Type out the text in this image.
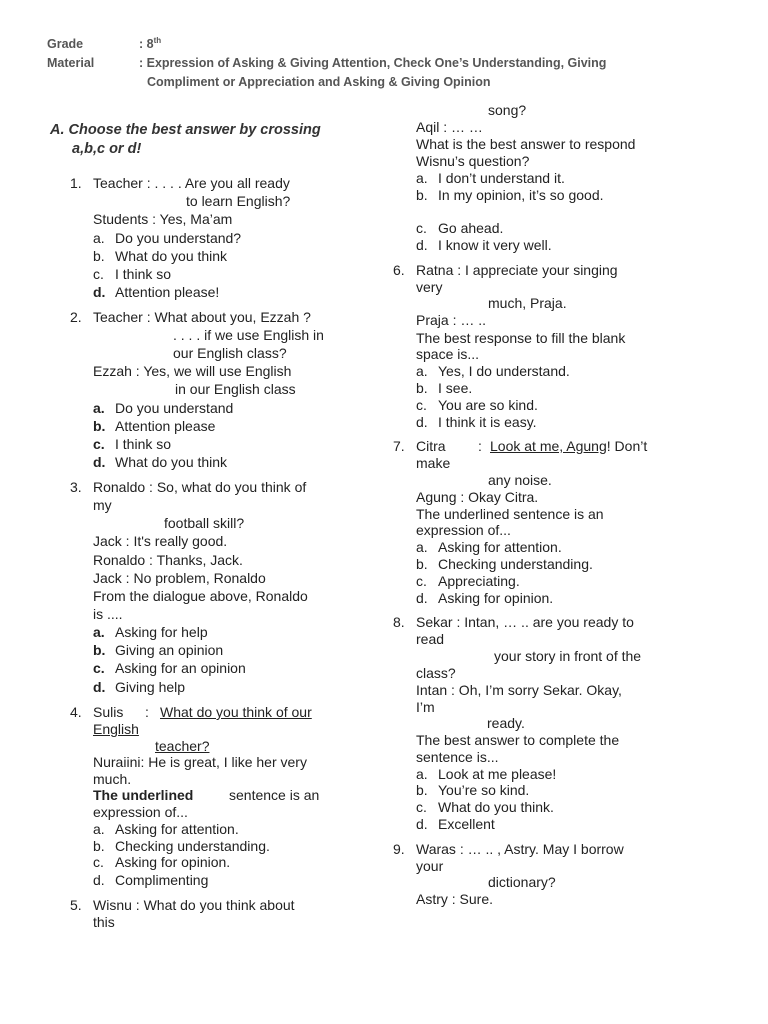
Grade	: 8th
Material	: Expression of Asking & Giving Attention, Check One’s Understanding, Giving
Compliment or Appreciation and Asking & Giving Opinion
A. Choose the best answer by crossing
a,b,c or d!
1. Teacher : . . . . Are you all ready
to learn English?
Students : Yes, Ma’am
a. Do you understand?
b. What do you think
c. I think so
d. Attention please!
2. Teacher : What about you, Ezzah ?
. . . . if we use English in
our English class?
Ezzah : Yes, we will use English
in our English class
a. Do you understand
b. Attention please
c. I think so
d. What do you think
3. Ronaldo : So, what do you think of
my
football skill?
Jack : It's really good.
Ronaldo : Thanks, Jack.
Jack : No problem, Ronaldo
From the dialogue above, Ronaldo
is ....
a. Asking for help
b. Giving an opinion
c. Asking for an opinion
d. Giving help
4. Sulis : What do you think of our
English
teacher?
Nuraiini: He is great, I like her very
much.
The underlined	sentence is an
expression of...
a. Asking for attention.
b. Checking understanding.
c. Asking for opinion.
d. Complimenting
5. Wisnu : What do you think about
this
song?
Aqil : … …
What is the best answer to respond
Wisnu’s question?
a. I don’t understand it.
b. In my opinion, it’s so good.
c. Go ahead.
d. I know it very well.
6. Ratna : I appreciate your singing
very
much, Praja.
Praja : … ..
The best response to fill the blank
space is...
a. Yes, I do understand.
b. I see.
c. You are so kind.
d. I think it is easy.
7. Citra : Look at me, Agung! Don’t
make
any noise.
Agung : Okay Citra.
The underlined sentence is an
expression of...
a. Asking for attention.
b. Checking understanding.
c. Appreciating.
d. Asking for opinion.
8. Sekar : Intan, … .. are you ready to
read
your story in front of the
class?
Intan : Oh, I’m sorry Sekar. Okay,
I’m
ready.
The best answer to complete the
sentence is...
a. Look at me please!
b. You’re so kind.
c. What do you think.
d. Excellent
9. Waras : … .. , Astry. May I borrow
your
dictionary?
Astry : Sure.
